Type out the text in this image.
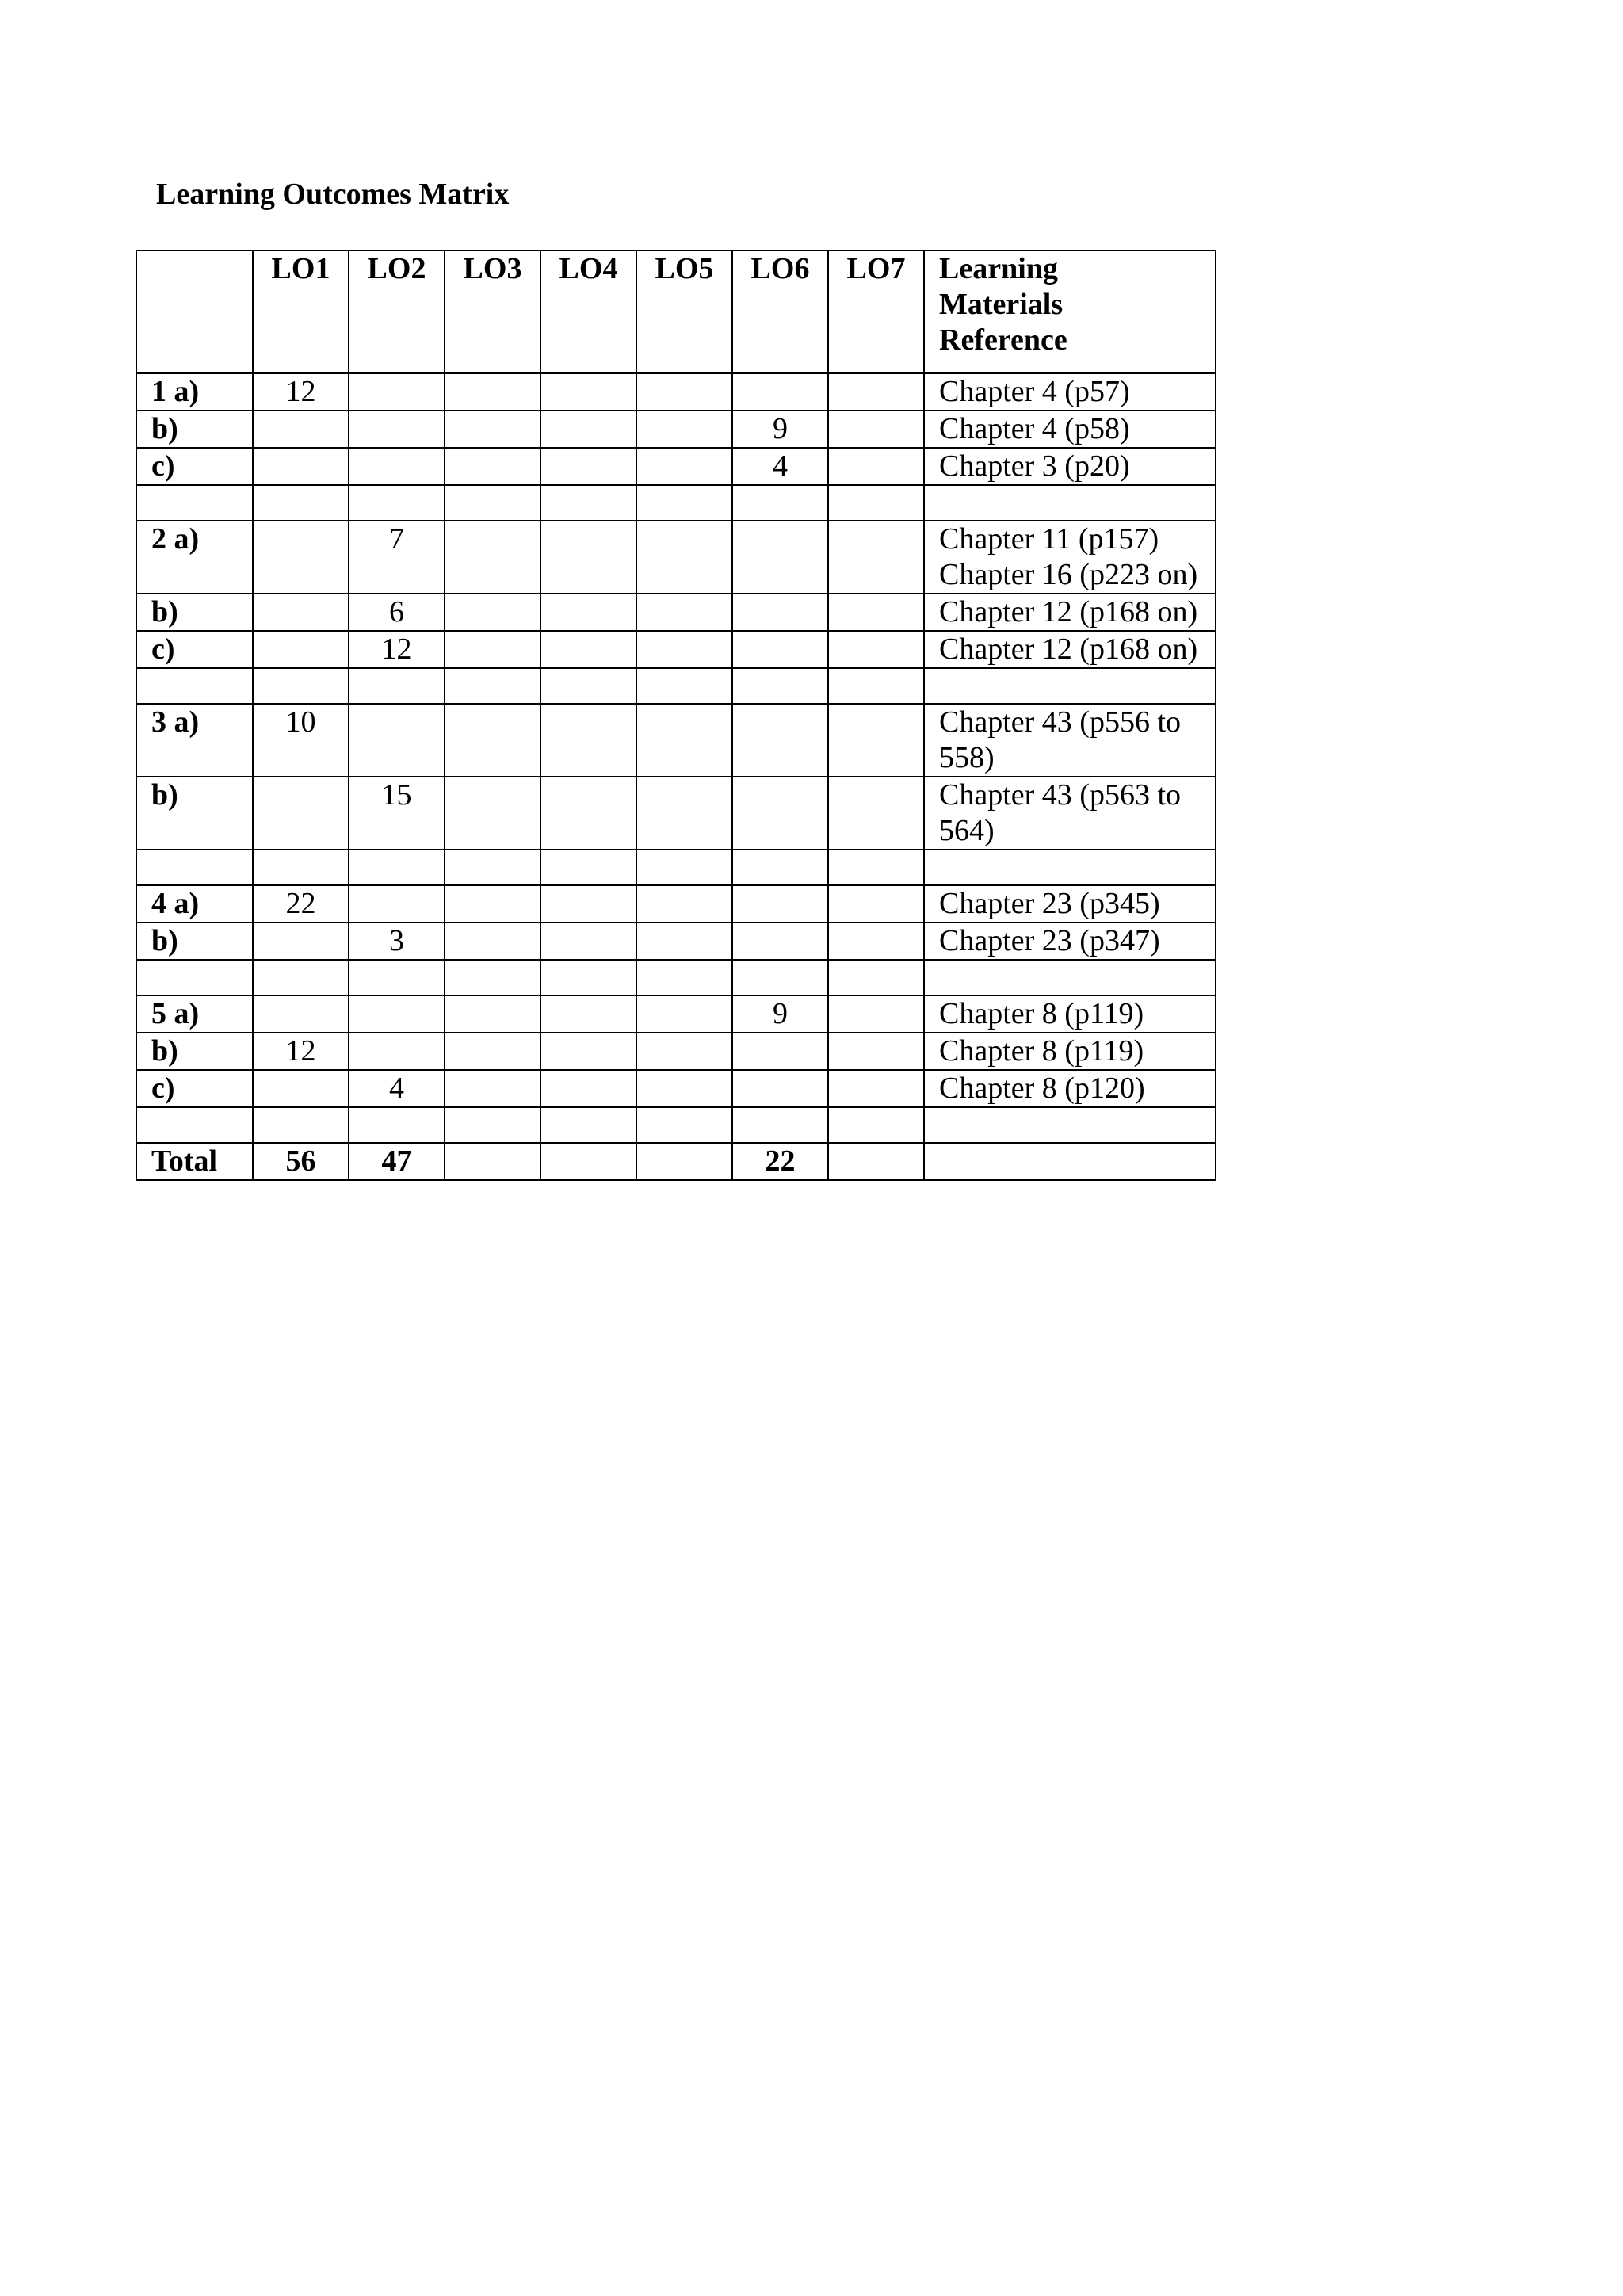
Learning Outcomes Matrix
	LO1	LO2	LO3	LO4	LO5	LO6	LO7	Learning
Materials
Reference
1 a)	12							Chapter 4 (p57)
b)						9		Chapter 4 (p58)
c)						4		Chapter 3 (p20)

2 a)		7						Chapter 11 (p157)
Chapter 16 (p223 on)
b)		6						Chapter 12 (p168 on)
c)		12						Chapter 12 (p168 on)

3 a)	10							Chapter 43 (p556 to
558)
b)		15						Chapter 43 (p563 to
564)

4 a)	22							Chapter 23 (p345)
b)		3						Chapter 23 (p347)

5 a)						9		Chapter 8 (p119)
b)	12							Chapter 8 (p119)
c)		4						Chapter 8 (p120)

Total	56	47				22		
